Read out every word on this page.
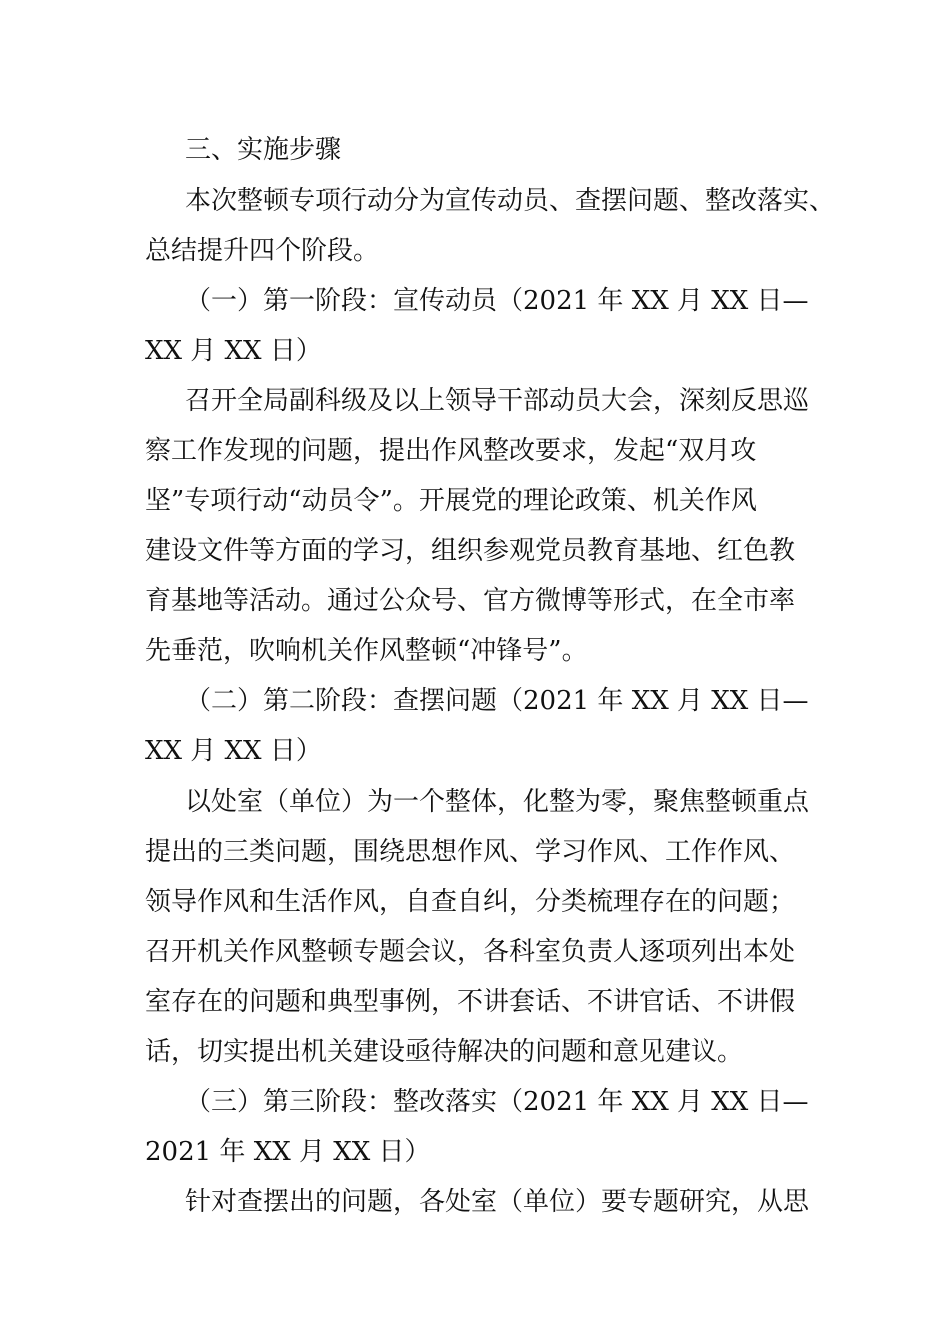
三、实施步骤
本次整顿专项行动分为宣传动员、查摆问题、整改落实、
总结提升四个阶段。
（一）第一阶段：宣传动员（2021 年 XX 月 XX 日—
XX 月 XX 日）
召开全局副科级及以上领导干部动员大会，深刻反思巡
察工作发现的问题，提出作风整改要求，发起“双月攻
坚”专项行动“动员令”。开展党的理论政策、机关作风
建设文件等方面的学习，组织参观党员教育基地、红色教
育基地等活动。通过公众号、官方微博等形式，在全市率
先垂范，吹响机关作风整顿“冲锋号”。
（二）第二阶段：查摆问题（2021 年 XX 月 XX 日—
XX 月 XX 日）
以处室（单位）为一个整体，化整为零，聚焦整顿重点
提出的三类问题，围绕思想作风、学习作风、工作作风、
领导作风和生活作风，自查自纠，分类梳理存在的问题；
召开机关作风整顿专题会议，各科室负责人逐项列出本处
室存在的问题和典型事例，不讲套话、不讲官话、不讲假
话，切实提出机关建设亟待解决的问题和意见建议。
（三）第三阶段：整改落实（2021 年 XX 月 XX 日—
2021 年 XX 月 XX 日）
针对查摆出的问题，各处室（单位）要专题研究，从思
